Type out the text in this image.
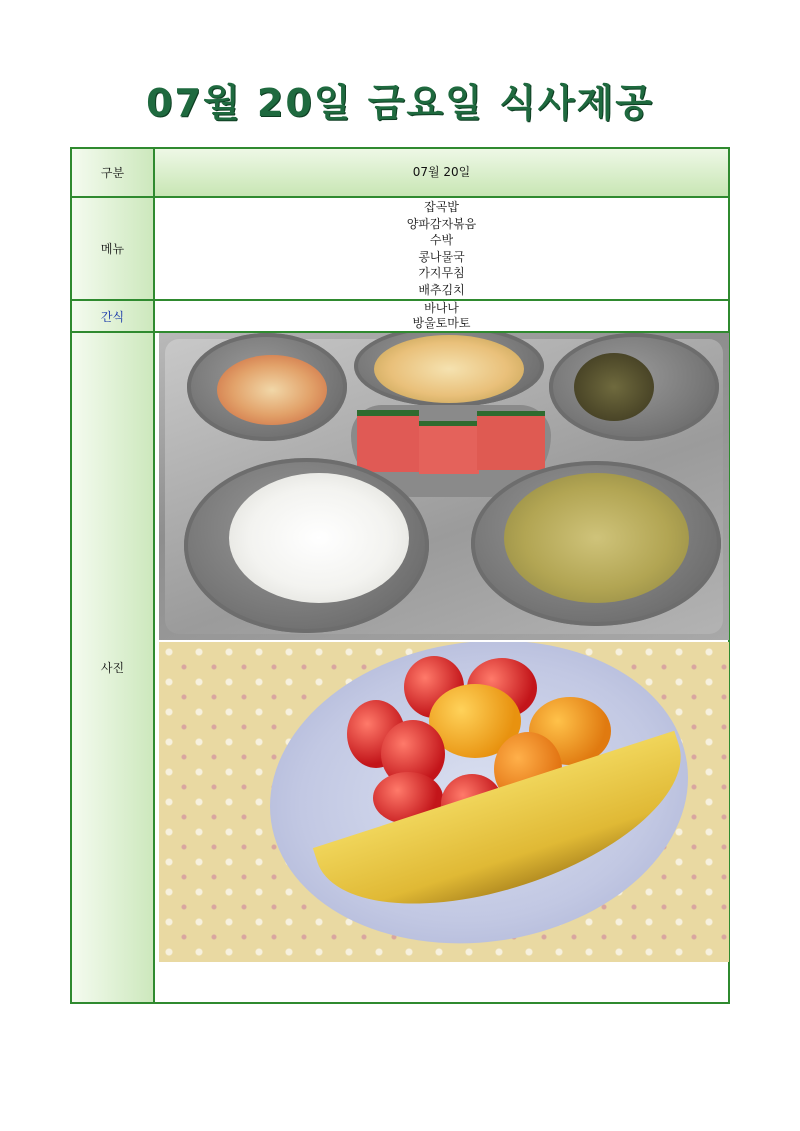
07월 20일 금요일 식사제공
구분	07월 20일
메뉴
잡곡밥
양파감자볶음
수박
콩나물국
가지무침
배추김치
간식
바나나
방울토마토
사진
